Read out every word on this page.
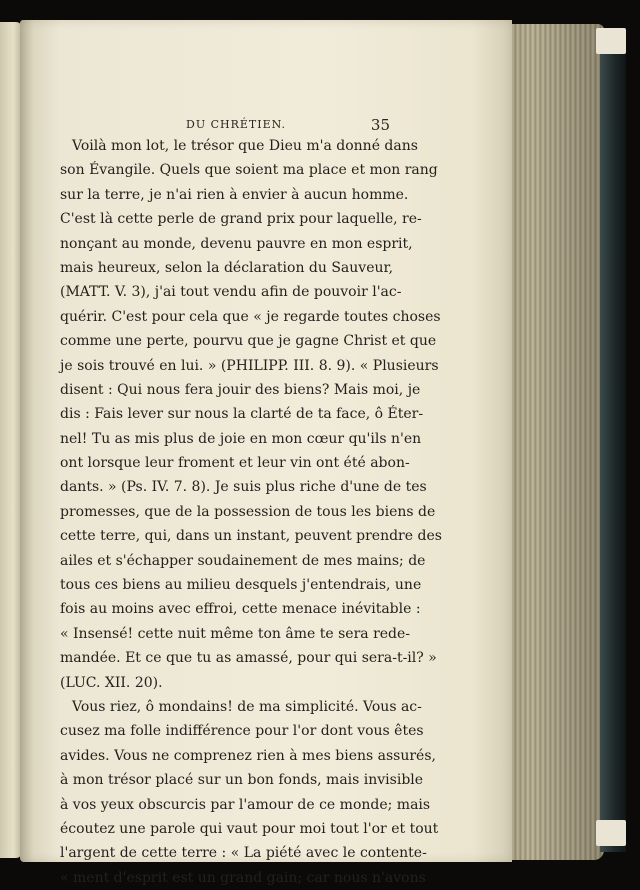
DU CHRÉTIEN.	35
Voilà mon lot, le trésor que Dieu m'a donné dans
son Évangile. Quels que soient ma place et mon rang
sur la terre, je n'ai rien à envier à aucun homme.
C'est là cette perle de grand prix pour laquelle, re-
nonçant au monde, devenu pauvre en mon esprit,
mais heureux, selon la déclaration du Sauveur,
(MATT. V. 3), j'ai tout vendu afin de pouvoir l'ac-
quérir. C'est pour cela que « je regarde toutes choses
comme une perte, pourvu que je gagne Christ et que
je sois trouvé en lui. » (PHILIPP. III. 8. 9). « Plusieurs
disent : Qui nous fera jouir des biens? Mais moi, je
dis : Fais lever sur nous la clarté de ta face, ô Éter-
nel! Tu as mis plus de joie en mon cœur qu'ils n'en
ont lorsque leur froment et leur vin ont été abon-
dants. » (Ps. IV. 7. 8). Je suis plus riche d'une de tes
promesses, que de la possession de tous les biens de
cette terre, qui, dans un instant, peuvent prendre des
ailes et s'échapper soudainement de mes mains; de
tous ces biens au milieu desquels j'entendrais, une
fois au moins avec effroi, cette menace inévitable :
« Insensé! cette nuit même ton âme te sera rede-
mandée. Et ce que tu as amassé, pour qui sera-t-il? »
(LUC. XII. 20).
Vous riez, ô mondains! de ma simplicité. Vous ac-
cusez ma folle indifférence pour l'or dont vous êtes
avides. Vous ne comprenez rien à mes biens assurés,
à mon trésor placé sur un bon fonds, mais invisible
à vos yeux obscurcis par l'amour de ce monde; mais
écoutez une parole qui vaut pour moi tout l'or et tout
l'argent de cette terre : « La piété avec le contente-
« ment d'esprit est un grand gain; car nous n'avons
